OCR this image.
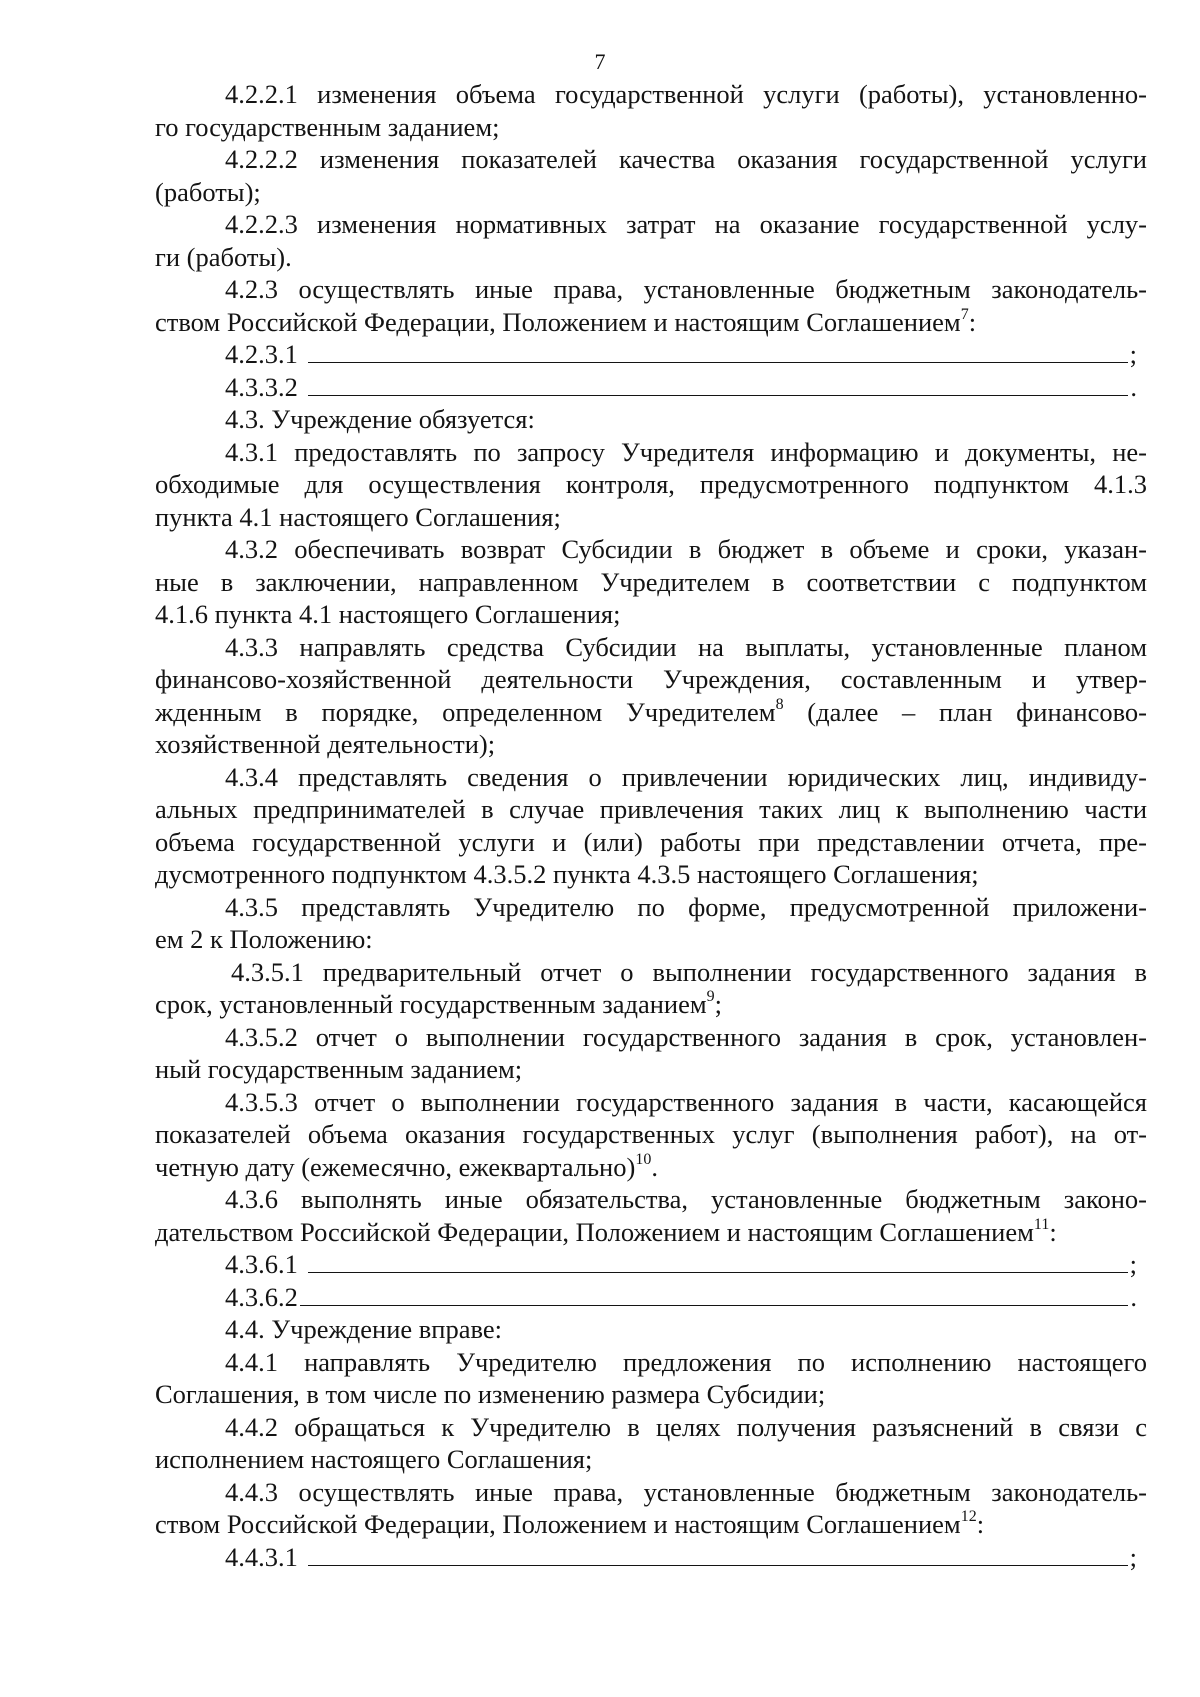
7
4.2.2.1 изменения объема государственной услуги (работы), установленно-
го государственным заданием;
4.2.2.2 изменения показателей качества оказания государственной услуги
(работы);
4.2.2.3 изменения нормативных затрат на оказание государственной услу-
ги (работы).
4.2.3 осуществлять иные права, установленные бюджетным законодатель-
ством Российской Федерации, Положением и настоящим Соглашением$^7$:
4.2.3.1	;
4.3.3.2	.
4.3. Учреждение обязуется:
4.3.1 предоставлять по запросу Учредителя информацию и документы, не-
обходимые для осуществления контроля, предусмотренного подпунктом 4.1.3
пункта 4.1 настоящего Соглашения;
4.3.2 обеспечивать возврат Субсидии в бюджет в объеме и сроки, указан-
ные в заключении, направленном Учредителем в соответствии с подпунктом
4.1.6 пункта 4.1 настоящего Соглашения;
4.3.3 направлять средства Субсидии на выплаты, установленные планом
финансово-хозяйственной деятельности Учреждения, составленным и утвер-
жденным в порядке, определенном Учредителем$^8$ (далее – план финансово-
хозяйственной деятельности);
4.3.4 представлять сведения о привлечении юридических лиц, индивиду-
альных предпринимателей в случае привлечения таких лиц к выполнению части
объема государственной услуги и (или) работы при представлении отчета, пре-
дусмотренного подпунктом 4.3.5.2 пункта 4.3.5 настоящего Соглашения;
4.3.5 представлять Учредителю по форме, предусмотренной приложени-
ем 2 к Положению:
4.3.5.1 предварительный отчет о выполнении государственного задания в
срок, установленный государственным заданием$^9$;
4.3.5.2 отчет о выполнении государственного задания в срок, установлен-
ный государственным заданием;
4.3.5.3 отчет о выполнении государственного задания в части, касающейся
показателей объема оказания государственных услуг (выполнения работ), на от-
четную дату (ежемесячно, ежеквартально)$^{10}$.
4.3.6 выполнять иные обязательства, установленные бюджетным законо-
дательством Российской Федерации, Положением и настоящим Соглашением$^{11}$:
4.3.6.1	;
4.3.6.2	.
4.4. Учреждение вправе:
4.4.1 направлять Учредителю предложения по исполнению настоящего
Соглашения, в том числе по изменению размера Субсидии;
4.4.2 обращаться к Учредителю в целях получения разъяснений в связи с
исполнением настоящего Соглашения;
4.4.3 осуществлять иные права, установленные бюджетным законодатель-
ством Российской Федерации, Положением и настоящим Соглашением$^{12}$:
4.4.3.1	;
